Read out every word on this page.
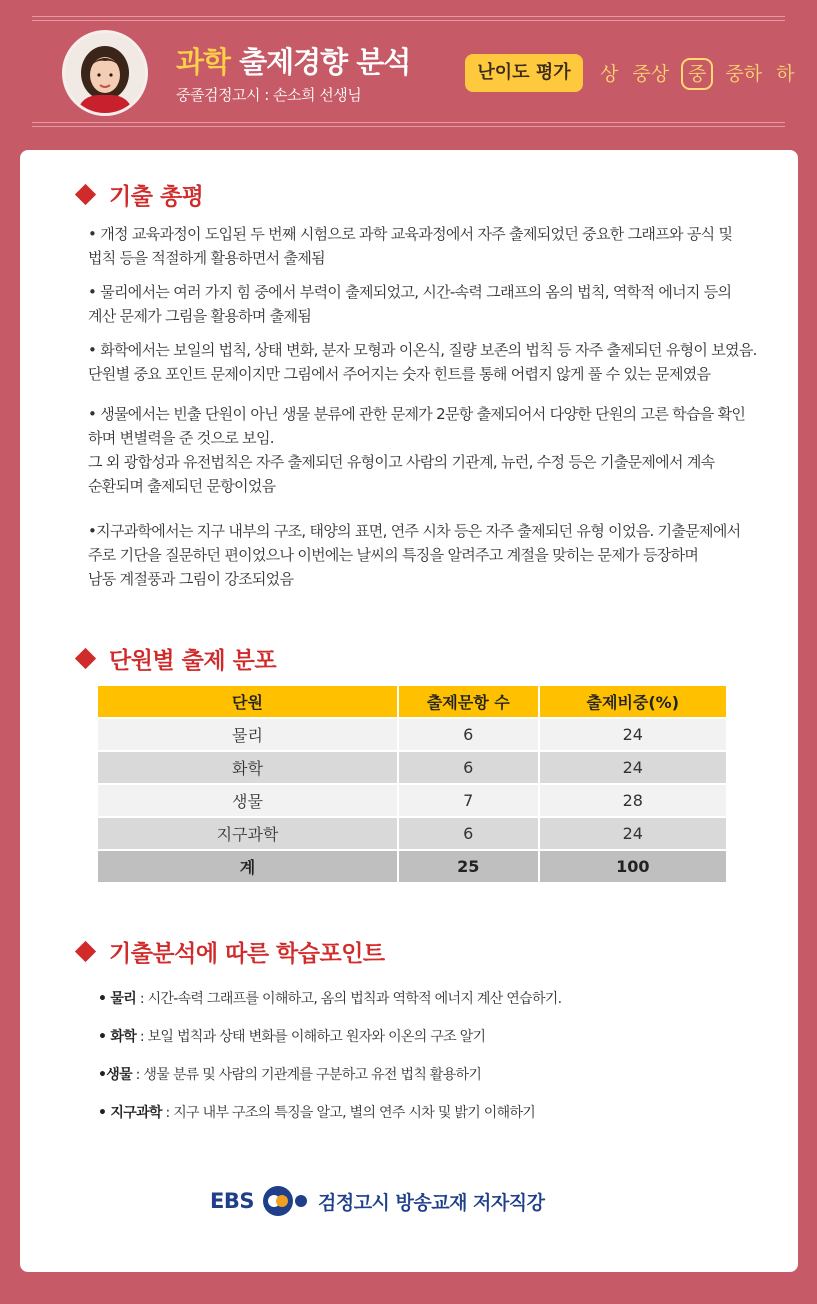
과학 출제경향 분석
중졸검정고시 : 손소희 선생님
난이도 평가	상 중상	중	중하 하
기출 총평
• 개정 교육과정이 도입된 두 번째 시험으로 과학 교육과정에서 자주 출제되었던 중요한 그래프와 공식 및
법칙 등을 적절하게 활용하면서 출제됨
• 물리에서는 여러 가지 힘 중에서 부력이 출제되었고, 시간-속력 그래프의 옴의 법칙, 역학적 에너지 등의
계산 문제가 그림을 활용하며 출제됨
• 화학에서는 보일의 법칙, 상태 변화, 분자 모형과 이온식, 질량 보존의 법칙 등 자주 출제되던 유형이 보였음.
단원별 중요 포인트 문제이지만 그림에서 주어지는 숫자 힌트를 통해 어렵지 않게 풀 수 있는 문제였음
• 생물에서는 빈출 단원이 아닌 생물 분류에 관한 문제가 2문항 출제되어서 다양한 단원의 고른 학습을 확인
하며 변별력을 준 것으로 보임.
그 외 광합성과 유전법칙은 자주 출제되던 유형이고 사람의 기관계, 뉴런, 수정 등은 기출문제에서 계속
순환되며 출제되던 문항이었음
•지구과학에서는 지구 내부의 구조, 태양의 표면, 연주 시차 등은 자주 출제되던 유형 이었음. 기출문제에서
주로 기단을 질문하던 편이었으나 이번에는 날씨의 특징을 알려주고 계절을 맞히는 문제가 등장하며
남동 계절풍과 그림이 강조되었음
단원별 출제 분포
단원	출제문항 수	출제비중(%)
물리	6	24
화학	6	24
생물	7	28
지구과학	6	24
계	25	100
기출분석에 따른 학습포인트
• 물리 : 시간-속력 그래프를 이해하고, 옴의 법칙과 역학적 에너지 계산 연습하기.
• 화학 : 보일 법칙과 상태 변화를 이해하고 원자와 이온의 구조 알기
•생물 : 생물 분류 및 사람의 기관계를 구분하고 유전 법칙 활용하기
• 지구과학 : 지구 내부 구조의 특징을 알고, 별의 연주 시차 및 밝기 이해하기
EBS	검정고시 방송교재 저자직강
